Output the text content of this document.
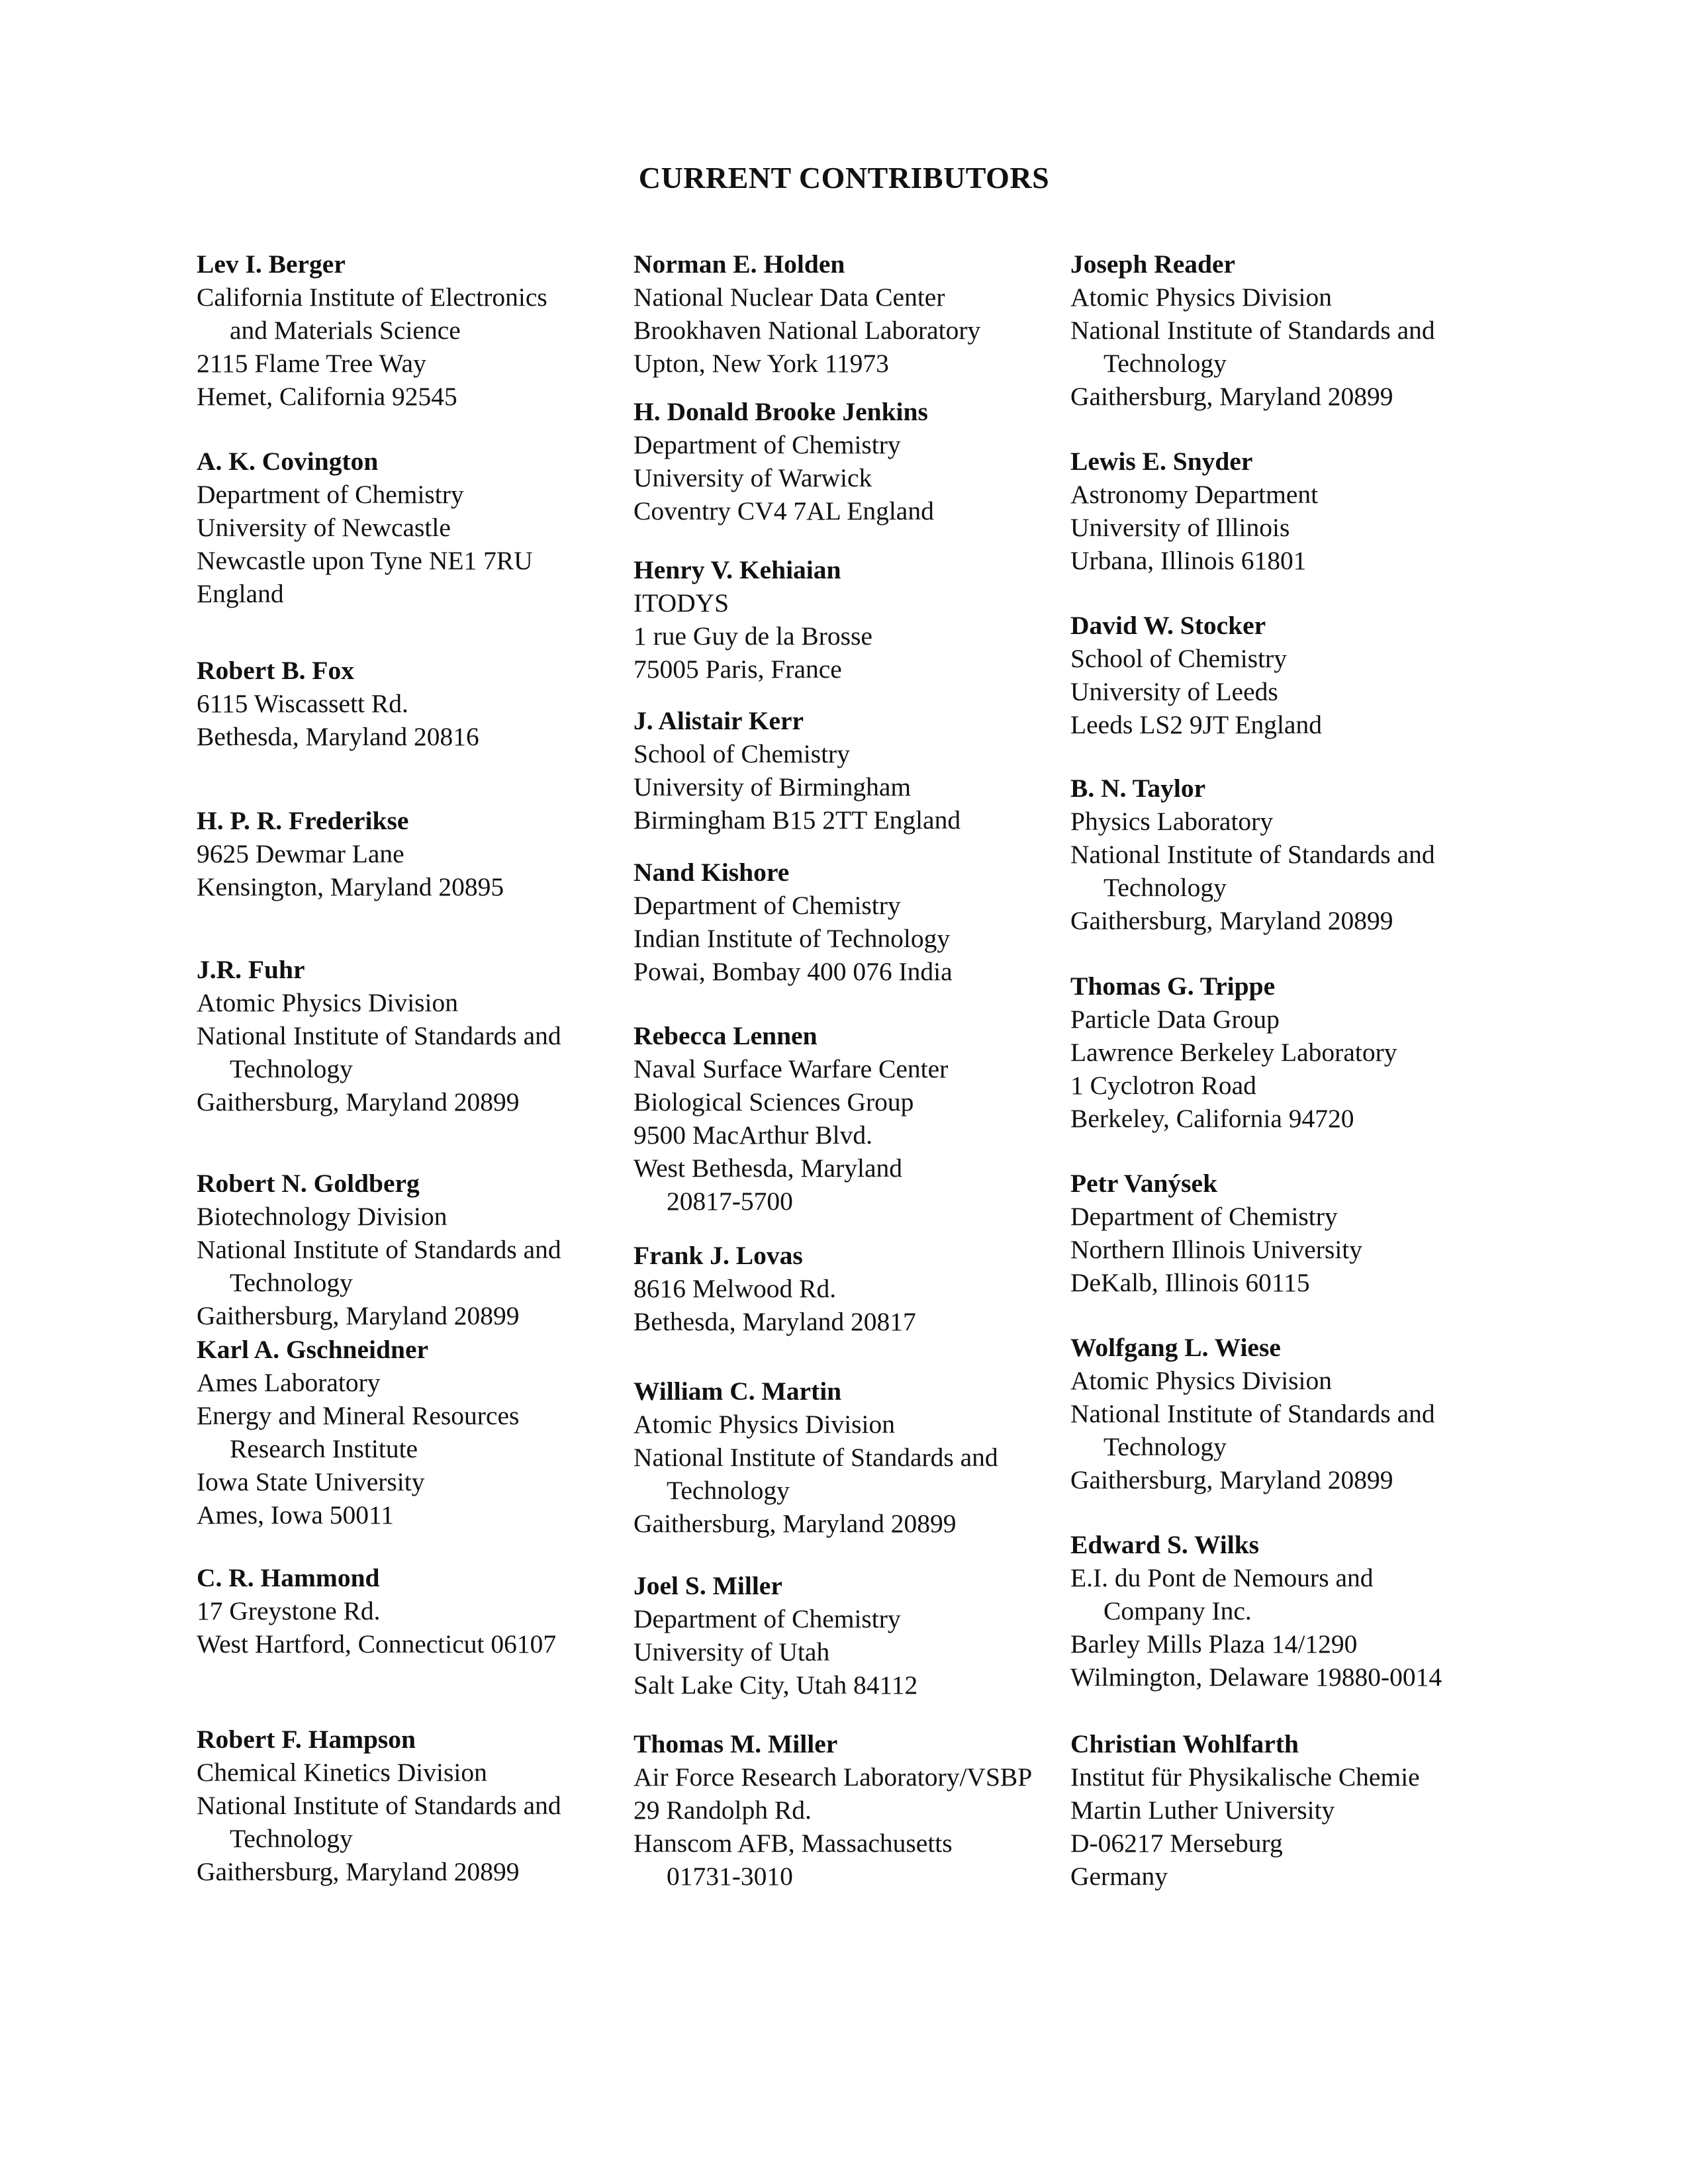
CURRENT CONTRIBUTORS
Lev I. Berger
California Institute of Electronics
and Materials Science
2115 Flame Tree Way
Hemet, California 92545
A. K. Covington
Department of Chemistry
University of Newcastle
Newcastle upon Tyne NE1 7RU
England
Robert B. Fox
6115 Wiscassett Rd.
Bethesda, Maryland 20816
H. P. R. Frederikse
9625 Dewmar Lane
Kensington, Maryland 20895
J.R. Fuhr
Atomic Physics Division
National Institute of Standards and
Technology
Gaithersburg, Maryland 20899
Robert N. Goldberg
Biotechnology Division
National Institute of Standards and
Technology
Gaithersburg, Maryland 20899
Karl A. Gschneidner
Ames Laboratory
Energy and Mineral Resources
Research Institute
Iowa State University
Ames, Iowa 50011
C. R. Hammond
17 Greystone Rd.
West Hartford, Connecticut 06107
Robert F. Hampson
Chemical Kinetics Division
National Institute of Standards and
Technology
Gaithersburg, Maryland 20899
Norman E. Holden
National Nuclear Data Center
Brookhaven National Laboratory
Upton, New York 11973
H. Donald Brooke Jenkins
Department of Chemistry
University of Warwick
Coventry CV4 7AL England
Henry V. Kehiaian
ITODYS
1 rue Guy de la Brosse
75005 Paris, France
J. Alistair Kerr
School of Chemistry
University of Birmingham
Birmingham B15 2TT England
Nand Kishore
Department of Chemistry
Indian Institute of Technology
Powai, Bombay 400 076 India
Rebecca Lennen
Naval Surface Warfare Center
Biological Sciences Group
9500 MacArthur Blvd.
West Bethesda, Maryland
20817-5700
Frank J. Lovas
8616 Melwood Rd.
Bethesda, Maryland 20817
William C. Martin
Atomic Physics Division
National Institute of Standards and
Technology
Gaithersburg, Maryland 20899
Joel S. Miller
Department of Chemistry
University of Utah
Salt Lake City, Utah 84112
Thomas M. Miller
Air Force Research Laboratory/VSBP
29 Randolph Rd.
Hanscom AFB, Massachusetts
01731-3010
Joseph Reader
Atomic Physics Division
National Institute of Standards and
Technology
Gaithersburg, Maryland 20899
Lewis E. Snyder
Astronomy Department
University of Illinois
Urbana, Illinois 61801
David W. Stocker
School of Chemistry
University of Leeds
Leeds LS2 9JT England
B. N. Taylor
Physics Laboratory
National Institute of Standards and
Technology
Gaithersburg, Maryland 20899
Thomas G. Trippe
Particle Data Group
Lawrence Berkeley Laboratory
1 Cyclotron Road
Berkeley, California 94720
Petr Vanýsek
Department of Chemistry
Northern Illinois University
DeKalb, Illinois 60115
Wolfgang L. Wiese
Atomic Physics Division
National Institute of Standards and
Technology
Gaithersburg, Maryland 20899
Edward S. Wilks
E.I. du Pont de Nemours and
Company Inc.
Barley Mills Plaza 14/1290
Wilmington, Delaware 19880-0014
Christian Wohlfarth
Institut für Physikalische Chemie
Martin Luther University
D-06217 Merseburg
Germany
